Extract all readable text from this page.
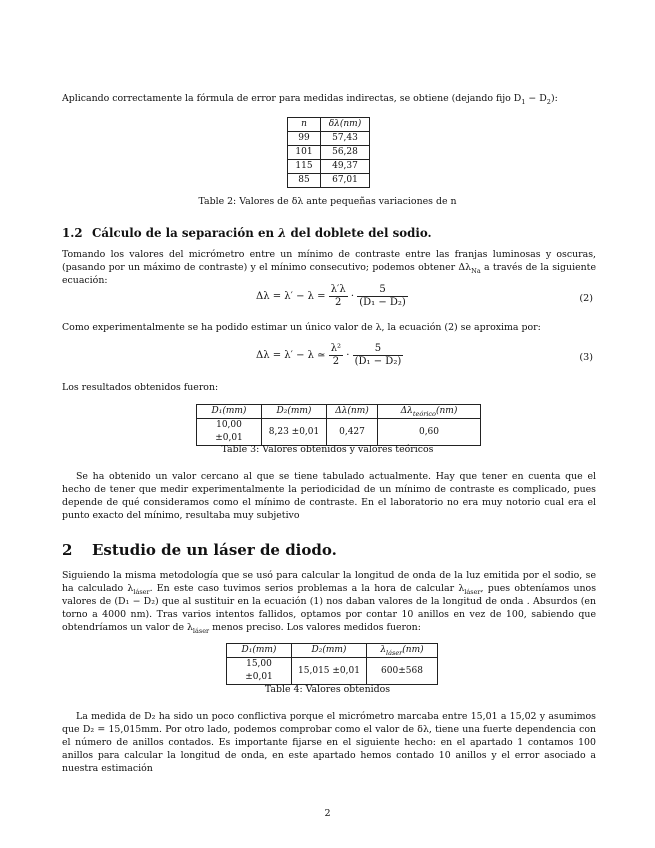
Aplicando correctamente la fórmula de error para medidas indirectas, se obtiene (dejando fijo $D_1 - D_2$):

n	δλ(nm)
99	57,43
101	56,28
115	49,37
85	67,01
Table 2: Valores de δλ ante pequeñas variaciones de n
1.2 Cálculo de la separación en λ del doblete del sodio.

Tomando los valores del micrómetro entre un mínimo de contraste entre las franjas luminosas y oscuras,(pasando por un máximo de contraste) y el mínimo consecutivo; podemos obtener $\Delta\lambda_{Na}$ a través de la siguiente ecuación:

$\Delta\lambda = \lambda' - \lambda = \frac{\lambda'\lambda}{2} \cdot \frac{5}{\text{(D₁ − D₂)}}$	(2)

Como experimentalmente se ha podido estimar un único valor de λ, la ecuación (2) se aproxima por:

Δλ = λ′ − λ ≃ $\frac{\text{λ²}}{2} \cdot \frac{5}{\text{(D₁ − D₂)}}$	(3)

Los resultados obtenidos fueron:

D₁(mm)	D₂(mm)	Δλ(nm)	$\Delta\lambda_{teórico}(nm)$
10,00 ±0,01	8,23 ±0,01	0,427	0,60
Table 3: Valores obtenidos y valores teóricos

Se ha obtenido un valor cercano al que se tiene tabulado actualmente. Hay que tener en cuenta que el hecho de tener que medir experimentalmente la periodicidad de un mínimo de contraste es complicado, pues depende de qué consideramos como el mínimo de contraste. En el laboratorio no era muy notorio cual era el punto exacto del mínimo, resultaba muy subjetivo

2 Estudio de un láser de diodo.

Siguiendo la misma metodología que se usó para calcular la longitud de onda de la luz emitida por el sodio, se ha calculado $\lambda_{láser}$. En este caso tuvimos serios problemas a la hora de calcular $\lambda_{láser}$, pues obteníamos unos valores de (D₁ − D₂) que al sustituir en la ecuación (1) nos daban valores de la longitud de onda . Absurdos (en torno a 4000 nm). Tras varios intentos fallidos, optamos por contar 10 anillos en vez de 100, sabiendo que obtendríamos un valor de $\lambda_{láser}$ menos preciso. Los valores medidos fueron:

D₁(mm)	D₂(mm)	$\lambda_{láser}(nm)$
15,00 ±0,01	15,015 ±0,01	600±568
Table 4: Valores obtenidos

La medida de D₂ ha sido un poco conflictiva porque el micrómetro marcaba entre 15,01 a 15,02 y asumimos que D₂ = 15,015mm. Por otro lado, podemos comprobar como el valor de δλ, tiene una fuerte dependencia con el número de anillos contados. Es importante fijarse en el siguiente hecho: en el apartado 1 contamos 100 anillos para calcular la longitud de onda, en este apartado hemos contado 10 anillos y el error asociado a nuestra estimación

2
